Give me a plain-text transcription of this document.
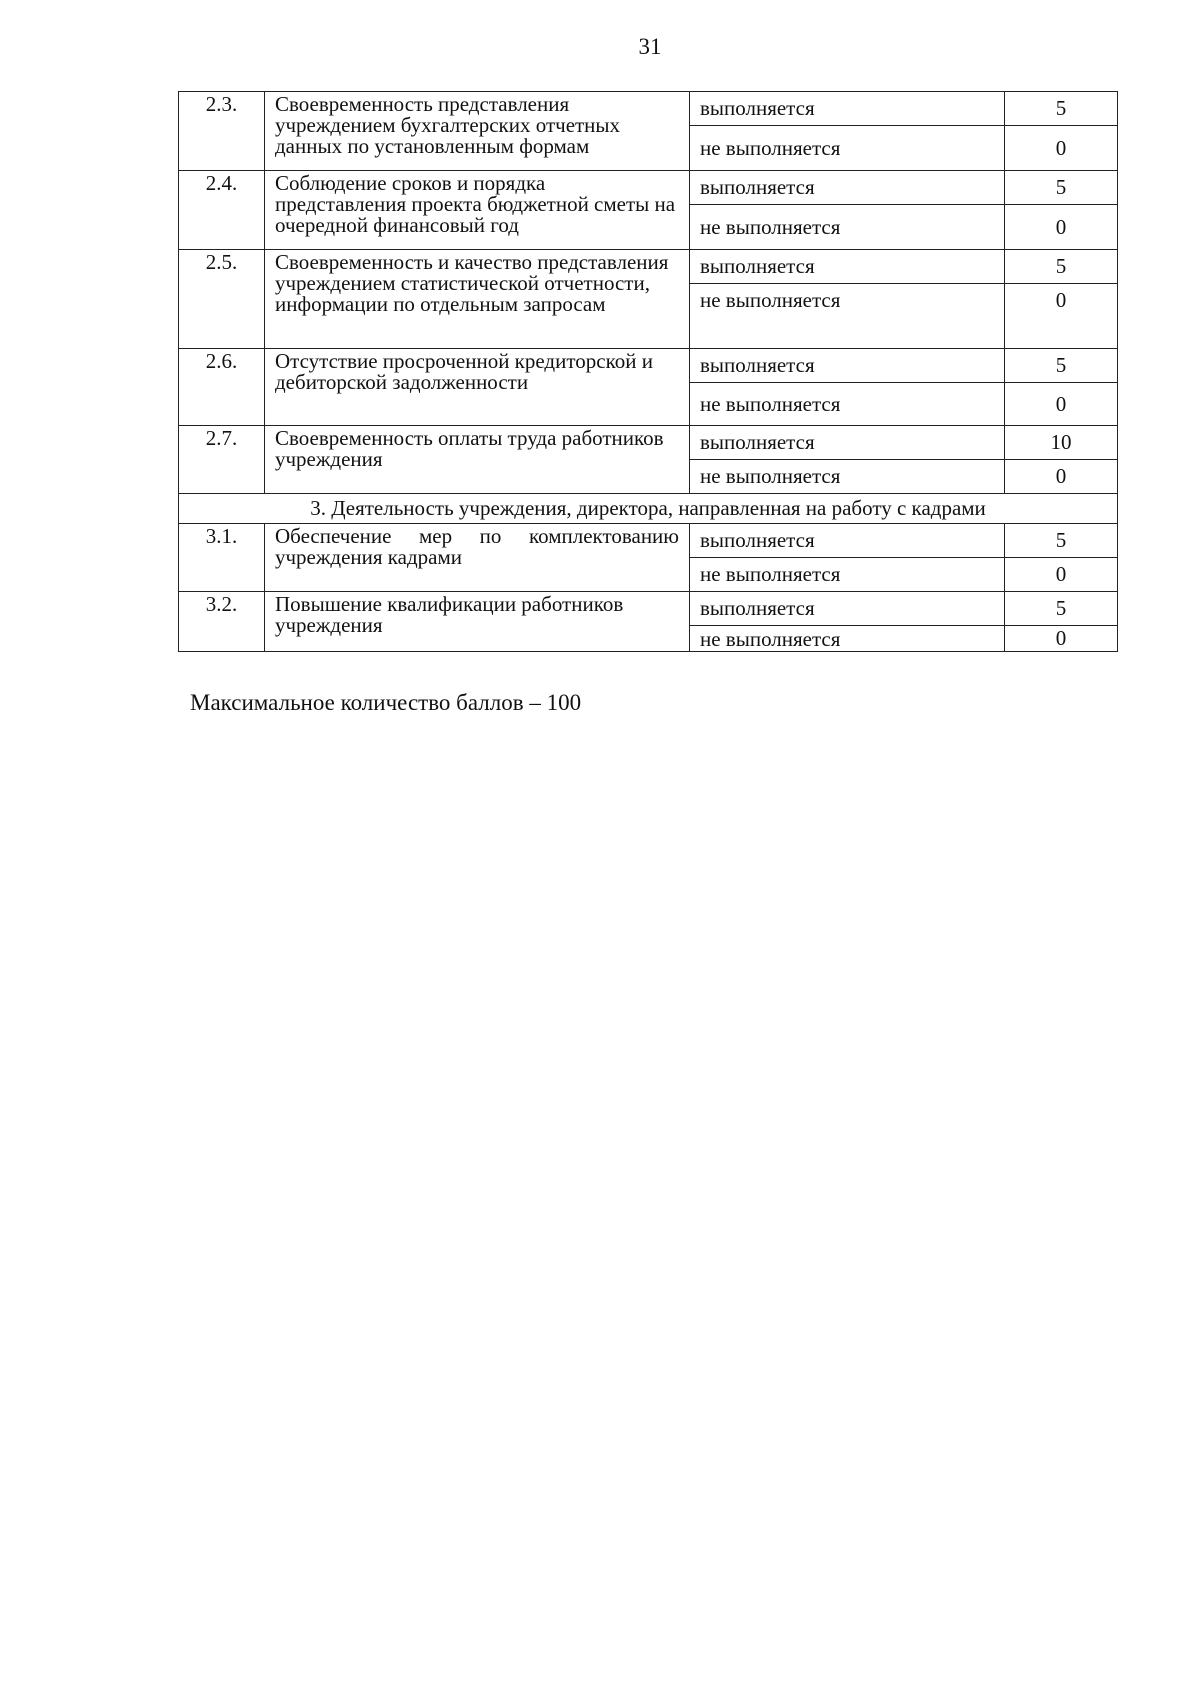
31
2.3.	Своевременность представления учреждением бухгалтерских отчетных данных по установленным формам	выполняется	5
		не выполняется	0
2.4.	Соблюдение сроков и порядка представления проекта бюджетной сметы на очередной финансовый год	выполняется	5
		не выполняется	0
2.5.	Своевременность и качество представления учреждением статистической отчетности, информации по отдельным запросам	выполняется	5
		не выполняется	0
2.6.	Отсутствие просроченной кредиторской и дебиторской задолженности	выполняется	5
		не выполняется	0
2.7.	Своевременность оплаты труда работников учреждения	выполняется	10
		не выполняется	0
3. Деятельность учреждения, директора, направленная на работу с кадрами			
3.1.	Обеспечение мер по комплектованию учреждения кадрами	выполняется	5
		не выполняется	0
3.2.	Повышение квалификации работников учреждения	выполняется	5
		не выполняется	0
Максимальное количество баллов – 100
